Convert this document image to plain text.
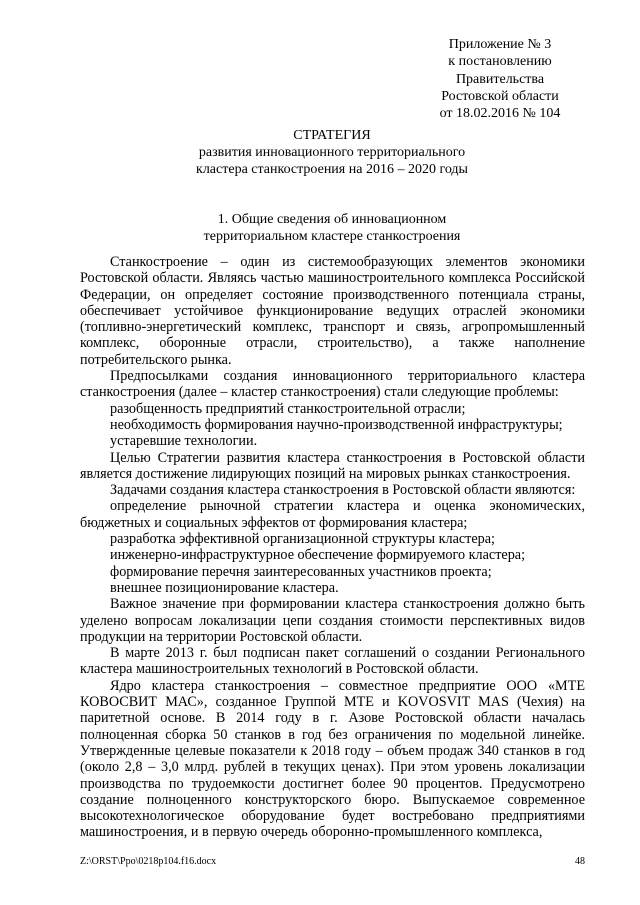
Приложение № 3
к постановлению
Правительства
Ростовской области
от 18.02.2016 № 104
СТРАТЕГИЯ
развития инновационного территориального
кластера станкостроения на 2016 – 2020 годы
1. Общие сведения об инновационном
территориальном кластере станкостроения

Станкостроение – один из системообразующих элементов экономики Ростовской области. Являясь частью машиностроительного комплекса Российской Федерации, он определяет состояние производственного потенциала страны, обеспечивает устойчивое функционирование ведущих отраслей экономики (топливно-энергетический комплекс, транспорт и связь, агропромышленный комплекс, оборонные отрасли, строительство), а также наполнение потребительского рынка.

Предпосылками создания инновационного территориального кластера станкостроения (далее – кластер станкостроения) стали следующие проблемы:

разобщенность предприятий станкостроительной отрасли;

необходимость формирования научно-производственной инфраструктуры;

устаревшие технологии.

Целью Стратегии развития кластера станкостроения в Ростовской области является достижение лидирующих позиций на мировых рынках станкостроения.

Задачами создания кластера станкостроения в Ростовской области являются:

определение рыночной стратегии кластера и оценка экономических, бюджетных и социальных эффектов от формирования кластера;

разработка эффективной организационной структуры кластера;

инженерно-инфраструктурное обеспечение формируемого кластера;

формирование перечня заинтересованных участников проекта;

внешнее позиционирование кластера.

Важное значение при формировании кластера станкостроения должно быть уделено вопросам локализации цепи создания стоимости перспективных видов продукции на территории Ростовской области.

В марте 2013 г. был подписан пакет соглашений о создании Регионального кластера машиностроительных технологий в Ростовской области.

Ядро кластера станкостроения – совместное предприятие ООО «МТЕ КОВОСВИТ МАС», созданное Группой МТЕ и KOVOSVIT MAS (Чехия) на паритетной основе. В 2014 году в г. Азове Ростовской области началась полноценная сборка 50 станков в год без ограничения по модельной линейке. Утвержденные целевые показатели к 2018 году – объем продаж 340 станков в год (около 2,8 – 3,0 млрд. рублей в текущих ценах). При этом уровень локализации производства по трудоемкости достигнет более 90 процентов. Предусмотрено создание полноценного конструкторского бюро. Выпускаемое современное высокотехнологическое оборудование будет востребовано предприятиями машиностроения, и в первую очередь оборонно-промышленного комплекса,

Z:\ORST\Ppo\0218p104.f16.docx	48
